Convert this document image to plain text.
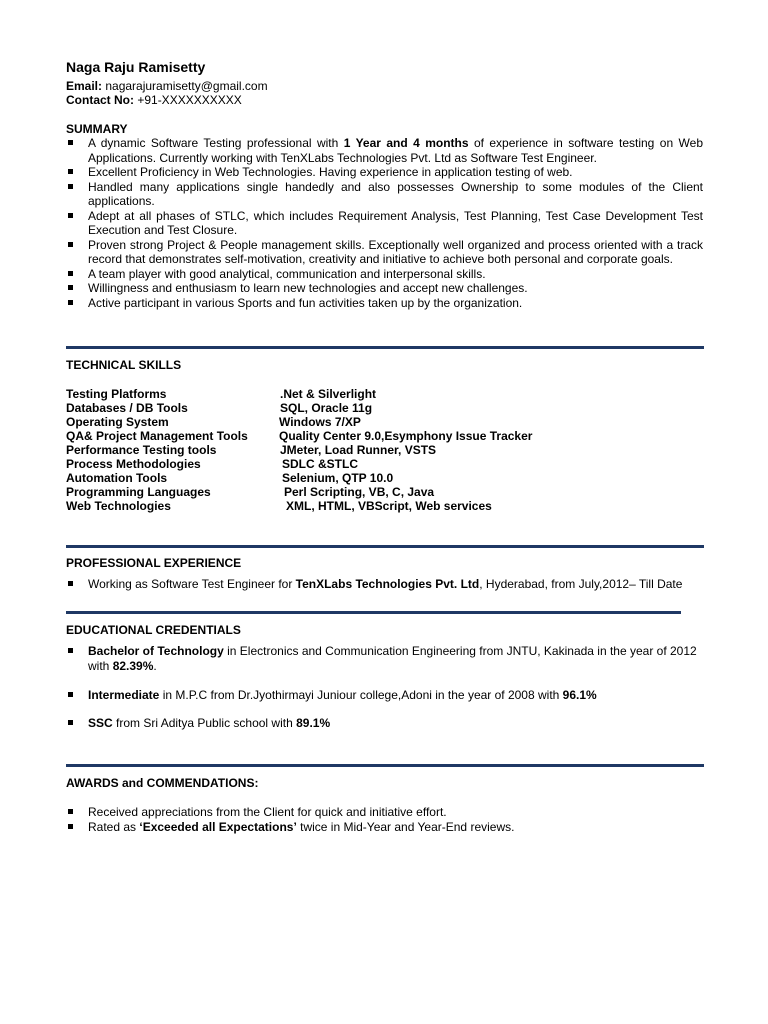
Naga Raju Ramisetty
Email: nagarajuramisetty@gmail.com
Contact No: +91-XXXXXXXXXX
SUMMARY
A dynamic Software Testing professional with 1 Year and 4 months of experience in software testing on Web Applications. Currently working with TenXLabs Technologies Pvt. Ltd as Software Test Engineer.
Excellent Proficiency in Web Technologies. Having experience in application testing of web.
Handled many applications single handedly and also possesses Ownership to some modules of the Client applications.
Adept at all phases of STLC, which includes Requirement Analysis, Test Planning, Test Case Development Test Execution and Test Closure.
Proven strong Project & People management skills. Exceptionally well organized and process oriented with a track record that demonstrates self-motivation, creativity and initiative to achieve both personal and corporate goals.
A team player with good analytical, communication and interpersonal skills.
Willingness and enthusiasm to learn new technologies and accept new challenges.
Active participant in various Sports and fun activities taken up by the organization.
TECHNICAL SKILLS
Testing Platforms	.Net & Silverlight
Databases / DB Tools	SQL, Oracle 11g
Operating System	Windows 7/XP
QA& Project Management Tools	Quality Center 9.0,Esymphony Issue Tracker
Performance Testing tools	JMeter, Load Runner, VSTS
Process Methodologies	SDLC &STLC
Automation Tools	Selenium, QTP 10.0
Programming Languages	Perl Scripting, VB, C, Java
Web Technologies	XML, HTML, VBScript, Web services
PROFESSIONAL EXPERIENCE
Working as Software Test Engineer for TenXLabs Technologies Pvt. Ltd, Hyderabad, from July,2012– Till Date
EDUCATIONAL CREDENTIALS
Bachelor of Technology in Electronics and Communication Engineering from JNTU, Kakinada in the year of 2012 with 82.39%.
Intermediate in M.P.C from Dr.Jyothirmayi Juniour college,Adoni in the year of 2008 with 96.1%
SSC from Sri Aditya Public school with 89.1%
AWARDS and COMMENDATIONS:
Received appreciations from the Client for quick and initiative effort.
Rated as ‘Exceeded all Expectations’ twice in Mid-Year and Year-End reviews.
